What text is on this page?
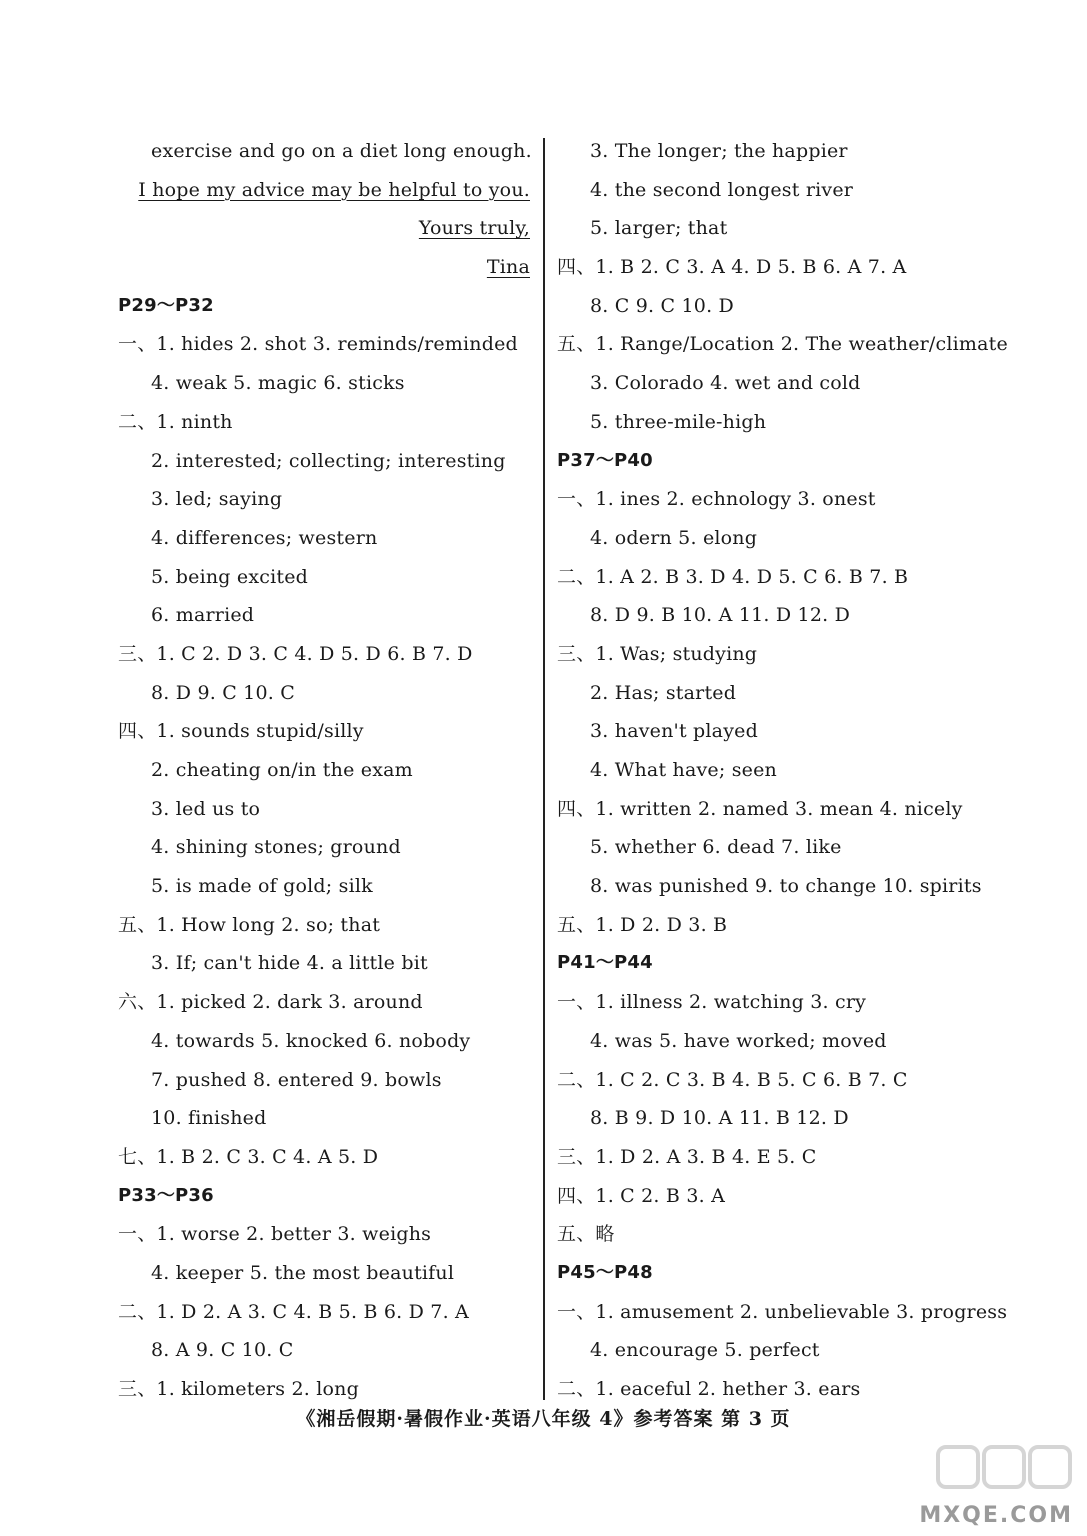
exercise and go on a diet long enough.
I hope my advice may be helpful to you.
Yours truly,
Tina
P29～P32
一、1. hides 2. shot 3. reminds/reminded
4. weak 5. magic 6. sticks
二、1. ninth
2. interested; collecting; interesting
3. led; saying
4. differences; western
5. being excited
6. married
三、1. C 2. D 3. C 4. D 5. D 6. B 7. D
8. D 9. C 10. C
四、1. sounds stupid/silly
2. cheating on/in the exam
3. led us to
4. shining stones; ground
5. is made of gold; silk
五、1. How long 2. so; that
3. If; can't hide 4. a little bit
六、1. picked 2. dark 3. around
4. towards 5. knocked 6. nobody
7. pushed 8. entered 9. bowls
10. finished
七、1. B 2. C 3. C 4. A 5. D
P33～P36
一、1. worse 2. better 3. weighs
4. keeper 5. the most beautiful
二、1. D 2. A 3. C 4. B 5. B 6. D 7. A
8. A 9. C 10. C
三、1. kilometers 2. long
3. The longer; the happier
4. the second longest river
5. larger; that
四、1. B 2. C 3. A 4. D 5. B 6. A 7. A
8. C 9. C 10. D
五、1. Range/Location 2. The weather/climate
3. Colorado 4. wet and cold
5. three-mile-high
P37～P40
一、1. ines 2. echnology 3. onest
4. odern 5. elong
二、1. A 2. B 3. D 4. D 5. C 6. B 7. B
8. D 9. B 10. A 11. D 12. D
三、1. Was; studying
2. Has; started
3. haven't played
4. What have; seen
四、1. written 2. named 3. mean 4. nicely
5. whether 6. dead 7. like
8. was punished 9. to change 10. spirits
五、1. D 2. D 3. B
P41～P44
一、1. illness 2. watching 3. cry
4. was 5. have worked; moved
二、1. C 2. C 3. B 4. B 5. C 6. B 7. C
8. B 9. D 10. A 11. B 12. D
三、1. D 2. A 3. B 4. E 5. C
四、1. C 2. B 3. A
五、略
P45～P48
一、1. amusement 2. unbelievable 3. progress
4. encourage 5. perfect
二、1. eaceful 2. hether 3. ears
《湘岳假期·暑假作业·英语八年级 4》参考答案 第 3 页
MXQE.COM
